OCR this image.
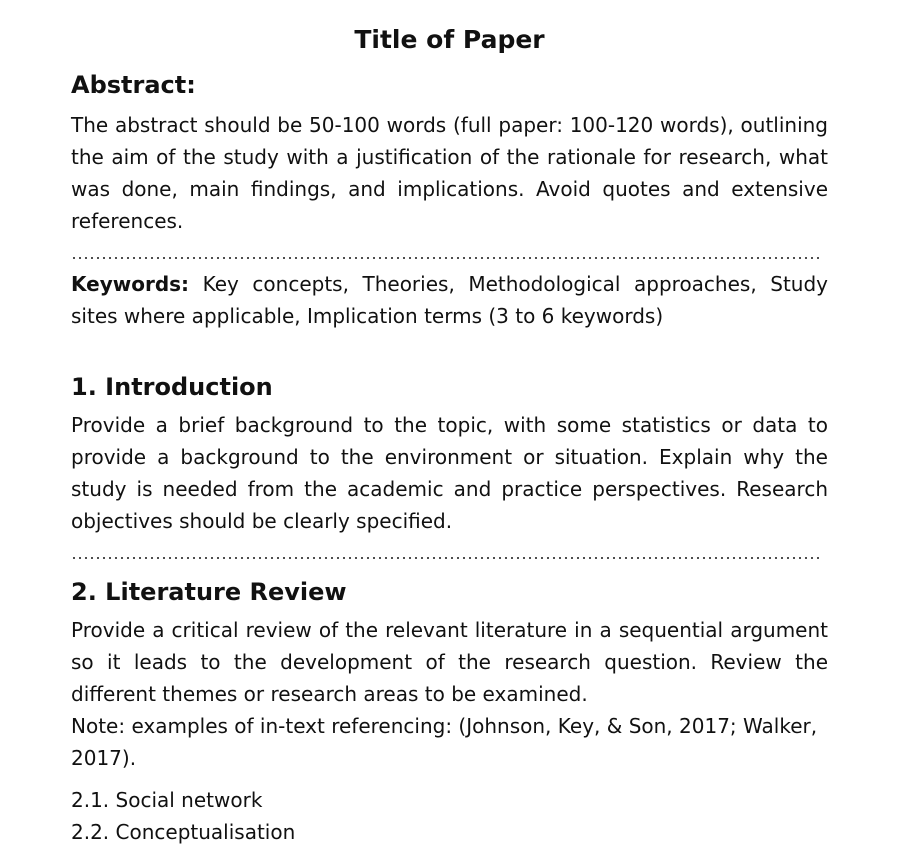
Title of Paper
Abstract:

The abstract should be 50-100 words (full paper: 100-120 words), outlining the aim of the study with a justification of the rationale for research, what was done, main findings, and implications. Avoid quotes and extensive references.

Keywords: Key concepts, Theories, Methodological approaches, Study sites where applicable, Implication terms (3 to 6 keywords)

1. Introduction

Provide a brief background to the topic, with some statistics or data to provide a background to the environment or situation. Explain why the study is needed from the academic and practice perspectives. Research objectives should be clearly specified.

2. Literature Review

Provide a critical review of the relevant literature in a sequential argument so it leads to the development of the research question. Review the different themes or research areas to be examined.

Note: examples of in-text referencing: (Johnson, Key, & Son, 2017; Walker, 2017).

2.1. Social network

2.2. Conceptualisation
